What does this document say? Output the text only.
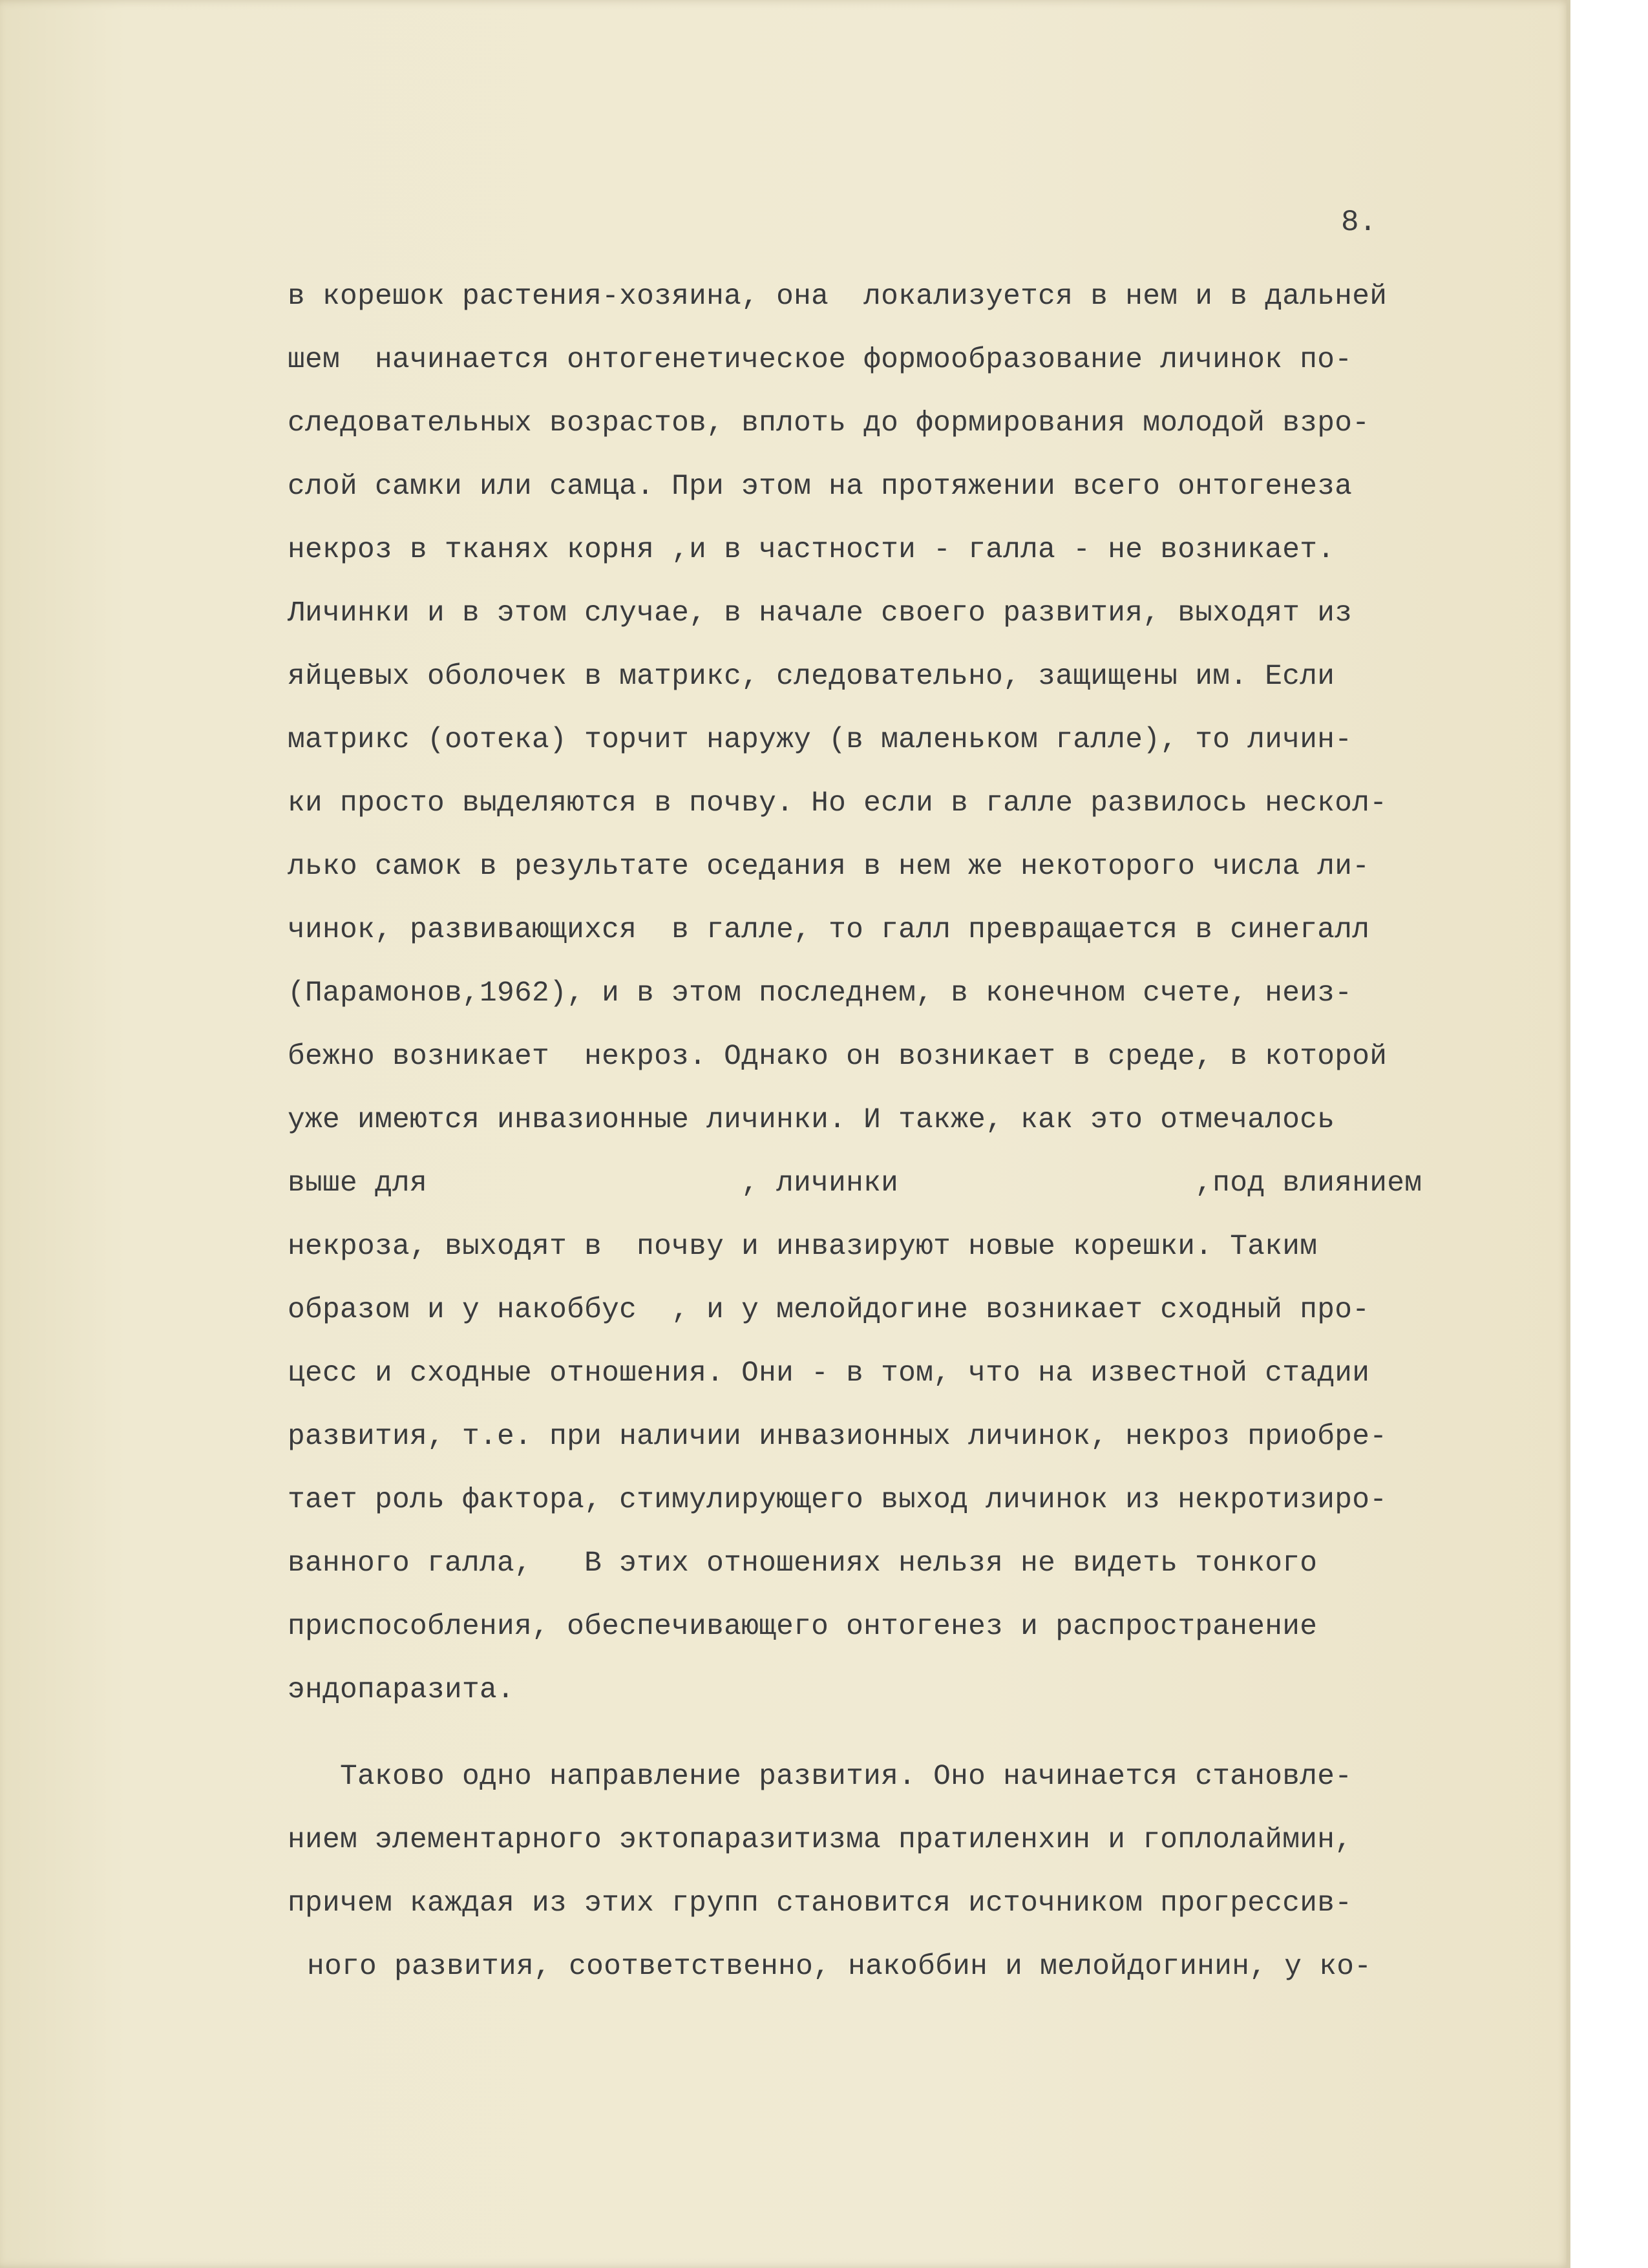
8.

в корешок растения-хозяина, она  локализуется в нем и в дальней
шем  начинается онтогенетическое формообразование личинок по-
следовательных возрастов, вплоть до формирования молодой взро-
слой самки или самца. При этом на протяжении всего онтогенеза
некроз в тканях корня ,и в частности - галла - не возникает.
Личинки и в этом случае, в начале своего развития, выходят из
яйцевых оболочек в матрикс, следовательно, защищены им. Если
матрикс (оотека) торчит наружу (в маленьком галле), то личин-
ки просто выделяются в почву. Но если в галле развилось нескол-
лько самок в результате оседания в нем же некоторого числа ли-
чинок, развивающихся  в галле, то галл превращается в синегалл
(Парамонов,1962), и в этом последнем, в конечном счете, неиз-
бежно возникает  некроз. Однако он возникает в среде, в которой
уже имеются инвазионные личинки. И также, как это отмечалось
выше для                  , личинки                 ,под влиянием
некроза, выходят в  почву и инвазируют новые корешки. Таким
образом и у накоббус  , и у мелойдогине возникает сходный про-
цесс и сходные отношения. Они - в том, что на известной стадии
развития, т.е. при наличии инвазионных личинок, некроз приобре-
тает роль фактора, стимулирующего выход личинок из некротизиро-
ванного галла,   В этих отношениях нельзя не видеть тонкого
приспособления, обеспечивающего онтогенез и распространение
эндопаразита.
Таково одно направление развития. Оно начинается становле-
нием элементарного эктопаразитизма пратиленхин и гоплолаймин,
причем каждая из этих групп становится источником прогрессив-
ного развития, соответственно, накоббин и мелойдогинин, у ко-
